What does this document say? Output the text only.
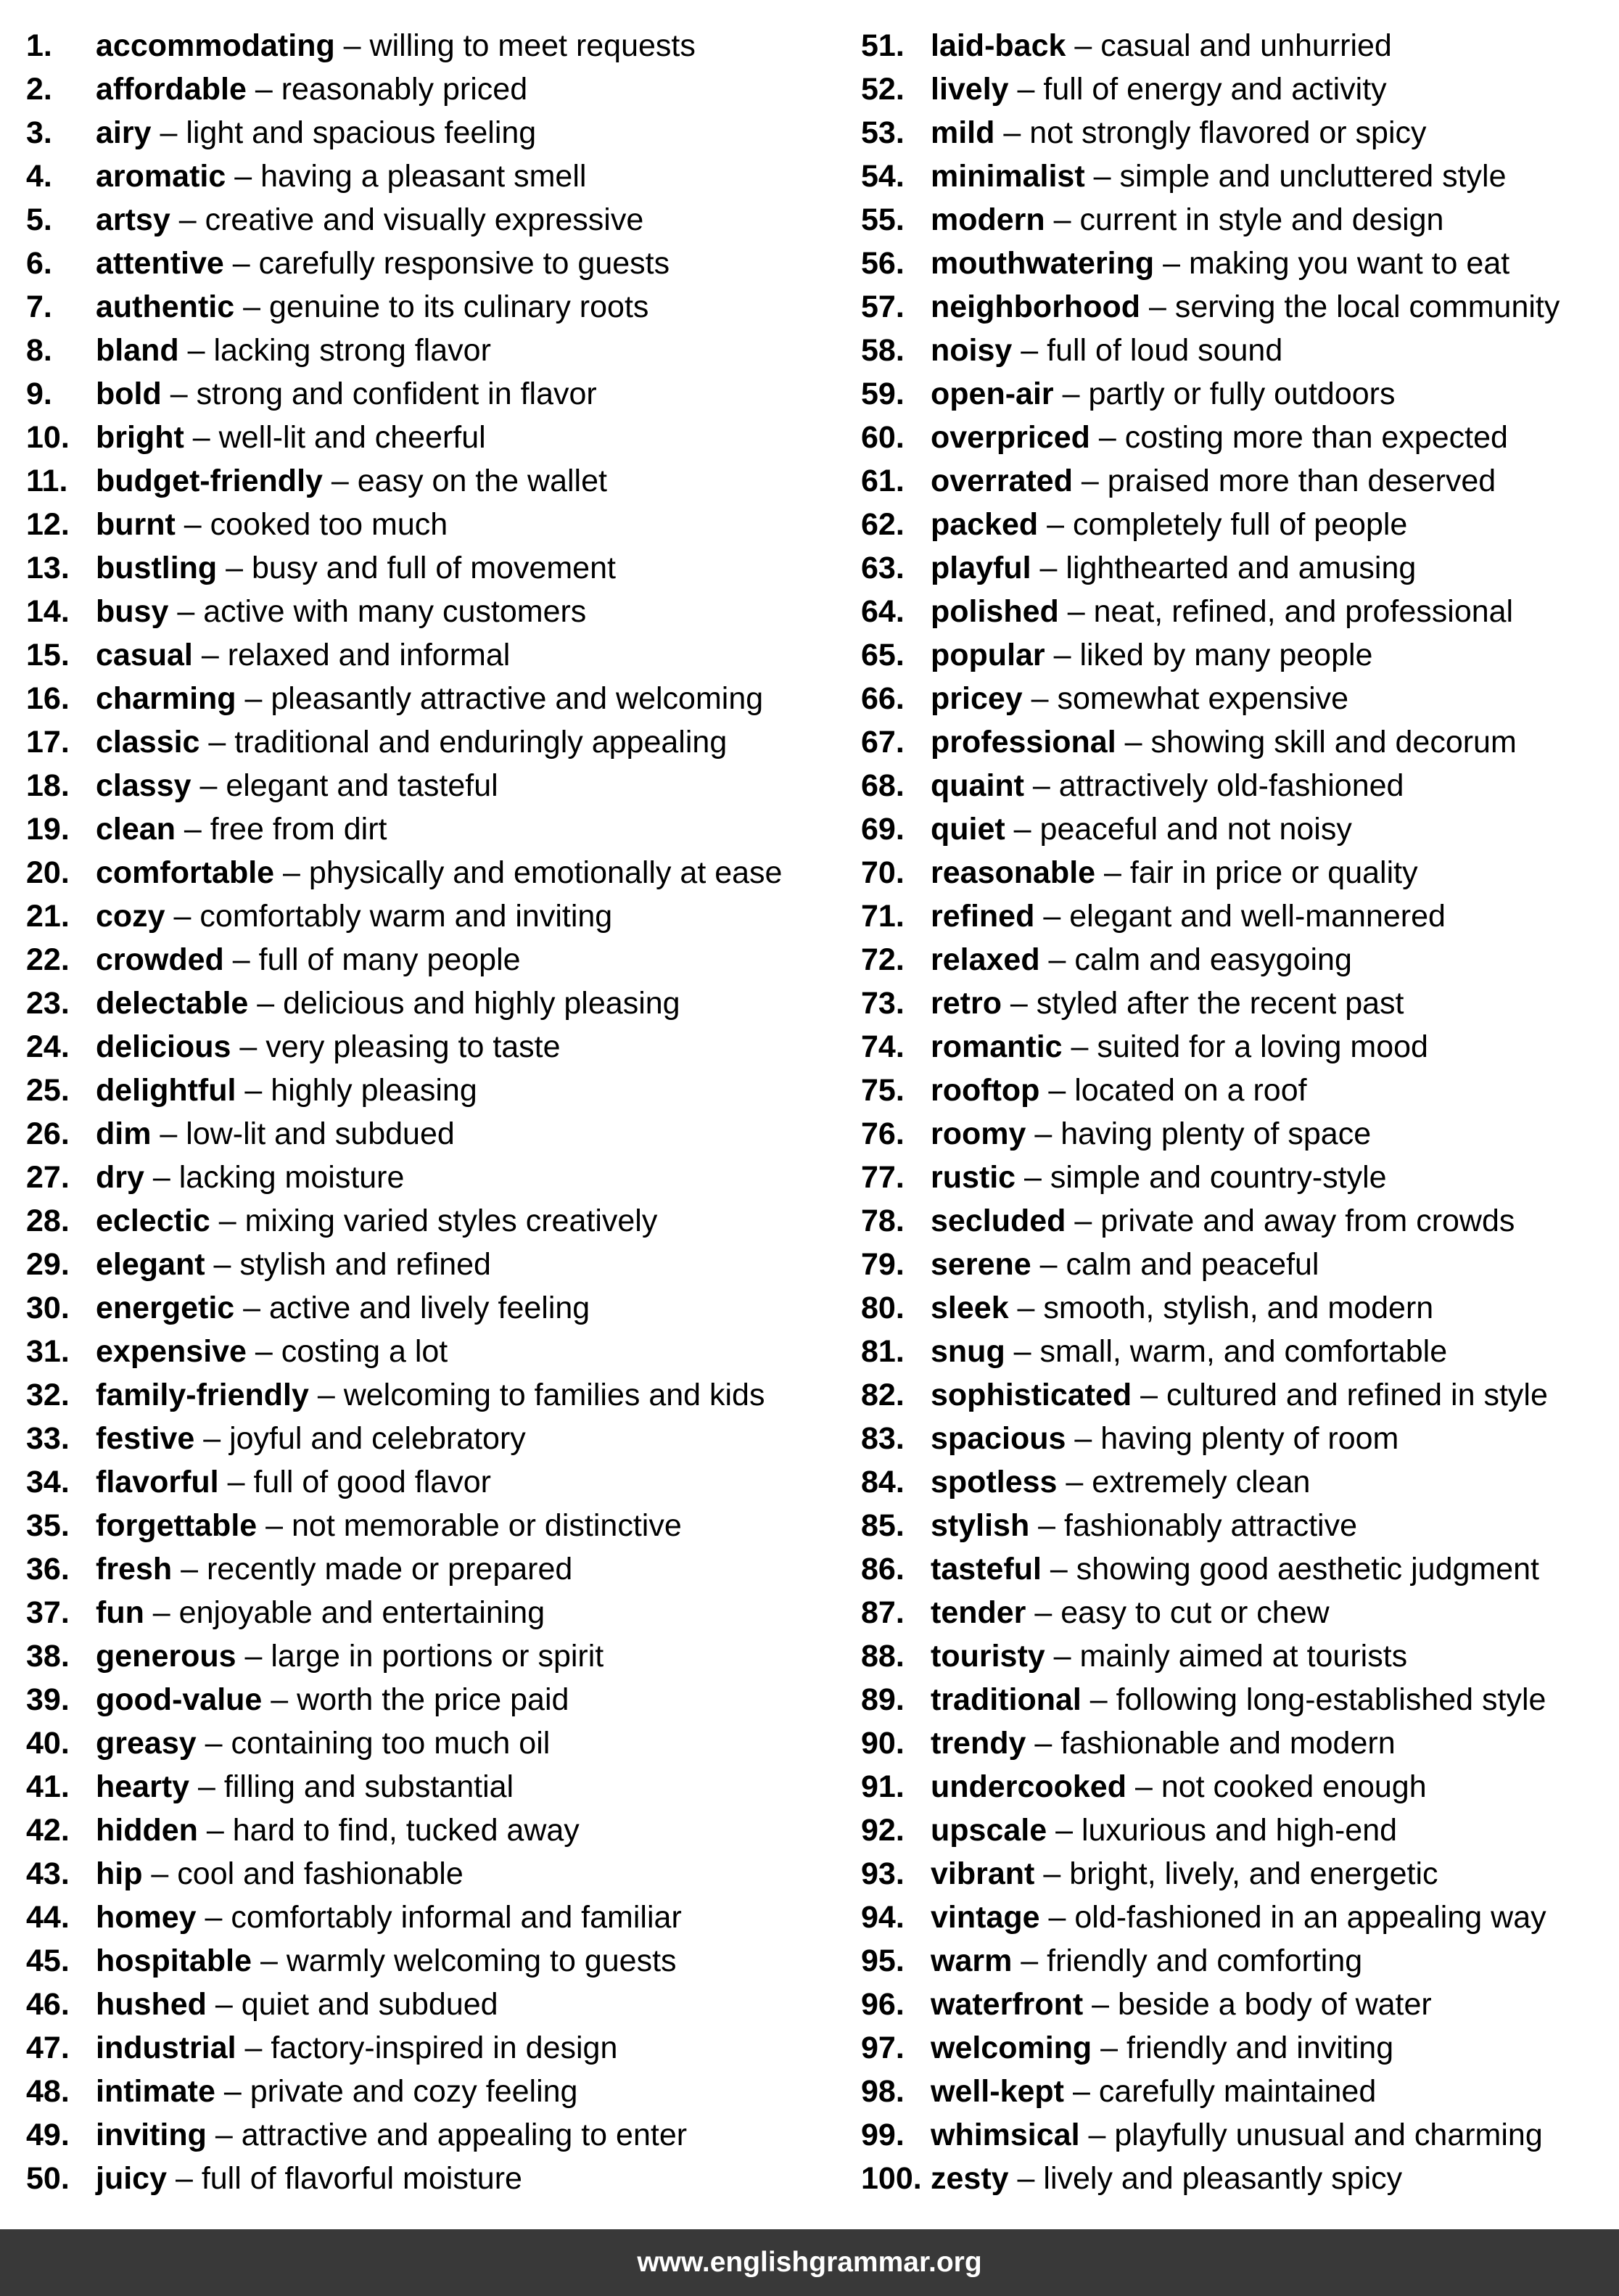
1.	accommodating – willing to meet requests
2.	affordable – reasonably priced
3.	airy – light and spacious feeling
4.	aromatic – having a pleasant smell
5.	artsy – creative and visually expressive
6.	attentive – carefully responsive to guests
7.	authentic – genuine to its culinary roots
8.	bland – lacking strong flavor
9.	bold – strong and confident in flavor
10. bright – well-lit and cheerful
11. budget-friendly – easy on the wallet
12. burnt – cooked too much
13. bustling – busy and full of movement
14. busy – active with many customers
15. casual – relaxed and informal
16. charming – pleasantly attractive and welcoming
17. classic – traditional and enduringly appealing
18. classy – elegant and tasteful
19. clean – free from dirt
20. comfortable – physically and emotionally at ease
21. cozy – comfortably warm and inviting
22. crowded – full of many people
23. delectable – delicious and highly pleasing
24. delicious – very pleasing to taste
25. delightful – highly pleasing
26. dim – low-lit and subdued
27. dry – lacking moisture
28. eclectic – mixing varied styles creatively
29. elegant – stylish and refined
30. energetic – active and lively feeling
31. expensive – costing a lot
32. family-friendly – welcoming to families and kids
33. festive – joyful and celebratory
34. flavorful – full of good flavor
35. forgettable – not memorable or distinctive
36. fresh – recently made or prepared
37. fun – enjoyable and entertaining
38. generous – large in portions or spirit
39. good-value – worth the price paid
40. greasy – containing too much oil
41. hearty – filling and substantial
42. hidden – hard to find, tucked away
43. hip – cool and fashionable
44. homey – comfortably informal and familiar
45. hospitable – warmly welcoming to guests
46. hushed – quiet and subdued
47. industrial – factory-inspired in design
48. intimate – private and cozy feeling
49. inviting – attractive and appealing to enter
50. juicy – full of flavorful moisture
51. laid-back – casual and unhurried
52. lively – full of energy and activity
53. mild – not strongly flavored or spicy
54. minimalist – simple and uncluttered style
55. modern – current in style and design
56. mouthwatering – making you want to eat
57. neighborhood – serving the local community
58. noisy – full of loud sound
59. open-air – partly or fully outdoors
60. overpriced – costing more than expected
61. overrated – praised more than deserved
62. packed – completely full of people
63. playful – lighthearted and amusing
64. polished – neat, refined, and professional
65. popular – liked by many people
66. pricey – somewhat expensive
67. professional – showing skill and decorum
68. quaint – attractively old-fashioned
69. quiet – peaceful and not noisy
70. reasonable – fair in price or quality
71. refined – elegant and well-mannered
72. relaxed – calm and easygoing
73. retro – styled after the recent past
74. romantic – suited for a loving mood
75. rooftop – located on a roof
76. roomy – having plenty of space
77. rustic – simple and country-style
78. secluded – private and away from crowds
79. serene – calm and peaceful
80. sleek – smooth, stylish, and modern
81. snug – small, warm, and comfortable
82. sophisticated – cultured and refined in style
83. spacious – having plenty of room
84. spotless – extremely clean
85. stylish – fashionably attractive
86. tasteful – showing good aesthetic judgment
87. tender – easy to cut or chew
88. touristy – mainly aimed at tourists
89. traditional – following long-established style
90. trendy – fashionable and modern
91. undercooked – not cooked enough
92. upscale – luxurious and high-end
93. vibrant – bright, lively, and energetic
94. vintage – old-fashioned in an appealing way
95. warm – friendly and comforting
96. waterfront – beside a body of water
97. welcoming – friendly and inviting
98. well-kept – carefully maintained
99. whimsical – playfully unusual and charming
100. zesty – lively and pleasantly spicy
www.englishgrammar.org
